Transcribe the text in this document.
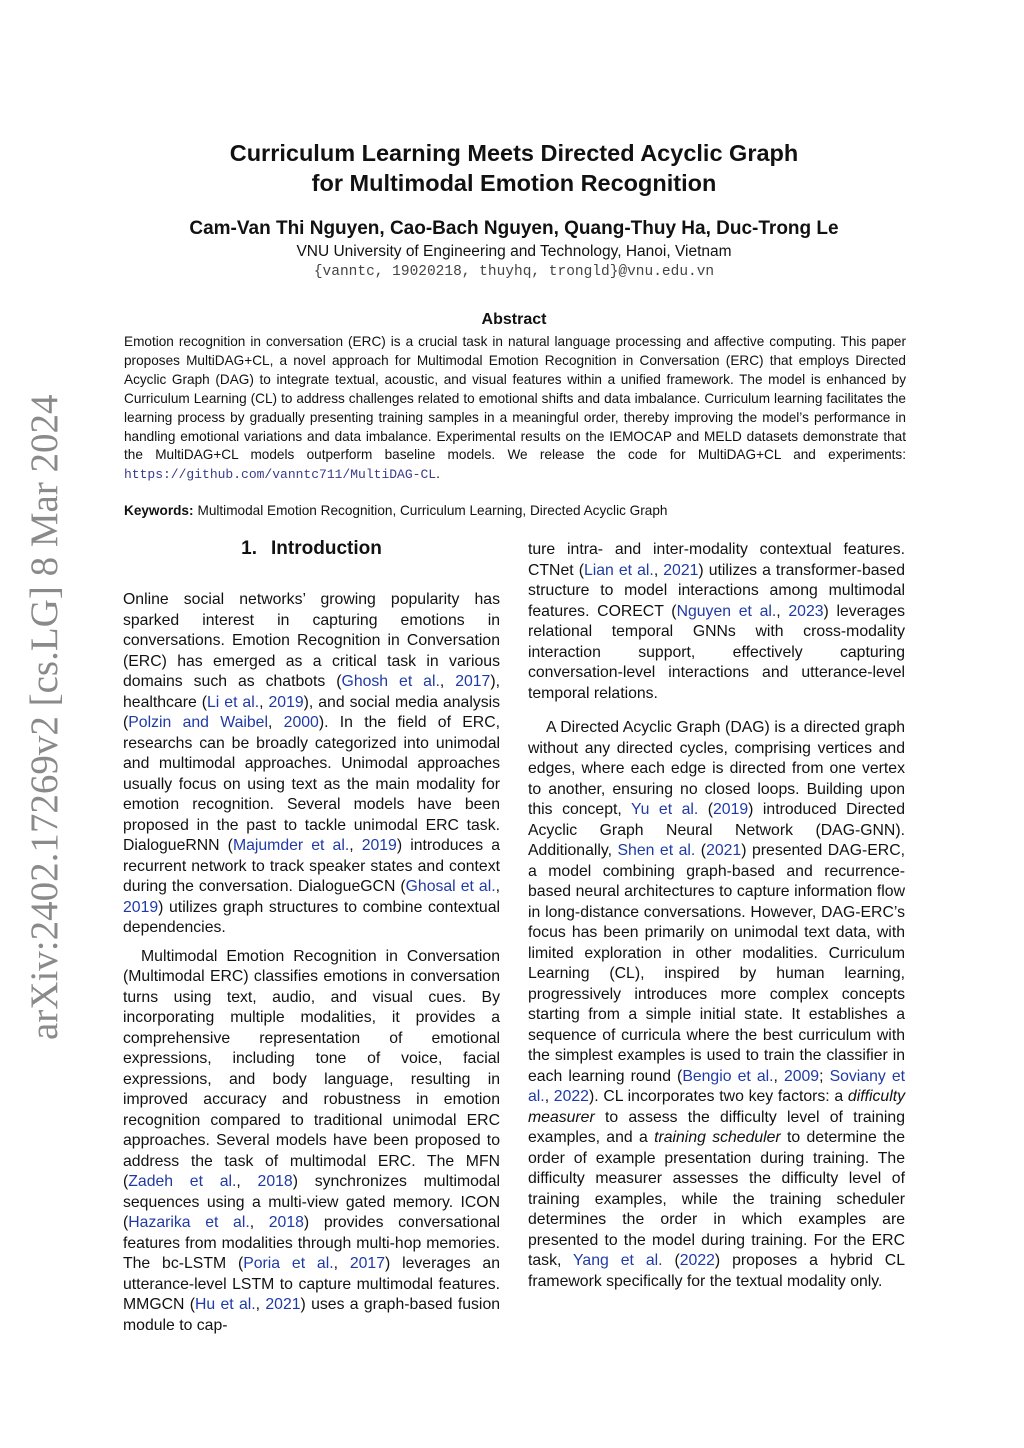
arXiv:2402.17269v2 [cs.LG] 8 Mar 2024
Curriculum Learning Meets Directed Acyclic Graph
for Multimodal Emotion Recognition
Cam-Van Thi Nguyen, Cao-Bach Nguyen, Quang-Thuy Ha, Duc-Trong Le
VNU University of Engineering and Technology, Hanoi, Vietnam
{vanntc, 19020218, thuyhq, trongld}@vnu.edu.vn
Abstract
Emotion recognition in conversation (ERC) is a crucial task in natural language processing and affective computing. This paper proposes MultiDAG+CL, a novel approach for Multimodal Emotion Recognition in Conversation (ERC) that employs Directed Acyclic Graph (DAG) to integrate textual, acoustic, and visual features within a unified framework. The model is enhanced by Curriculum Learning (CL) to address challenges related to emotional shifts and data imbalance. Curriculum learning facilitates the learning process by gradually presenting training samples in a meaningful order, thereby improving the model’s performance in handling emotional variations and data imbalance. Experimental results on the IEMOCAP and MELD datasets demonstrate that the MultiDAG+CL models outperform baseline models. We release the code for MultiDAG+CL and experiments: https://github.com/vanntc711/MultiDAG-CL.
Keywords: Multimodal Emotion Recognition, Curriculum Learning, Directed Acyclic Graph
1. Introduction

Online social networks’ growing popularity has sparked interest in capturing emotions in conversations. Emotion Recognition in Conversation (ERC) has emerged as a critical task in various domains such as chatbots (Ghosh et al., 2017), healthcare (Li et al., 2019), and social media analysis (Polzin and Waibel, 2000). In the field of ERC, researchs can be broadly categorized into unimodal and multimodal approaches. Unimodal approaches usually focus on using text as the main modality for emotion recognition. Several models have been proposed in the past to tackle unimodal ERC task. DialogueRNN (Majumder et al., 2019) introduces a recurrent network to track speaker states and context during the conversation. DialogueGCN (Ghosal et al., 2019) utilizes graph structures to combine contextual dependencies.

Multimodal Emotion Recognition in Conversation (Multimodal ERC) classifies emotions in conversation turns using text, audio, and visual cues. By incorporating multiple modalities, it provides a comprehensive representation of emotional expressions, including tone of voice, facial expressions, and body language, resulting in improved accuracy and robustness in emotion recognition compared to traditional unimodal ERC approaches. Several models have been proposed to address the task of multimodal ERC. The MFN (Zadeh et al., 2018) synchronizes multimodal sequences using a multi-view gated memory. ICON (Hazarika et al., 2018) provides conversational features from modalities through multi-hop memories. The bc-LSTM (Poria et al., 2017) leverages an utterance-level LSTM to capture multimodal features. MMGCN (Hu et al., 2021) uses a graph-based fusion module to cap-

ture intra- and inter-modality contextual features. CTNet (Lian et al., 2021) utilizes a transformer-based structure to model interactions among multimodal features. CORECT (Nguyen et al., 2023) leverages relational temporal GNNs with cross-modality interaction support, effectively capturing conversation-level interactions and utterance-level temporal relations.

A Directed Acyclic Graph (DAG) is a directed graph without any directed cycles, comprising vertices and edges, where each edge is directed from one vertex to another, ensuring no closed loops. Building upon this concept, Yu et al. (2019) introduced Directed Acyclic Graph Neural Network (DAG-GNN). Additionally, Shen et al. (2021) presented DAG-ERC, a model combining graph-based and recurrence-based neural architectures to capture information flow in long-distance conversations. However, DAG-ERC’s focus has been primarily on unimodal text data, with limited exploration in other modalities. Curriculum Learning (CL), inspired by human learning, progressively introduces more complex concepts starting from a simple initial state. It establishes a sequence of curricula where the best curriculum with the simplest examples is used to train the classifier in each learning round (Bengio et al., 2009; Soviany et al., 2022). CL incorporates two key factors: a difficulty measurer to assess the difficulty level of training examples, and a training scheduler to determine the order of example presentation during training. The difficulty measurer assesses the difficulty level of training examples, while the training scheduler determines the order in which examples are presented to the model during training. For the ERC task, Yang et al. (2022) proposes a hybrid CL framework specifically for the textual modality only.
